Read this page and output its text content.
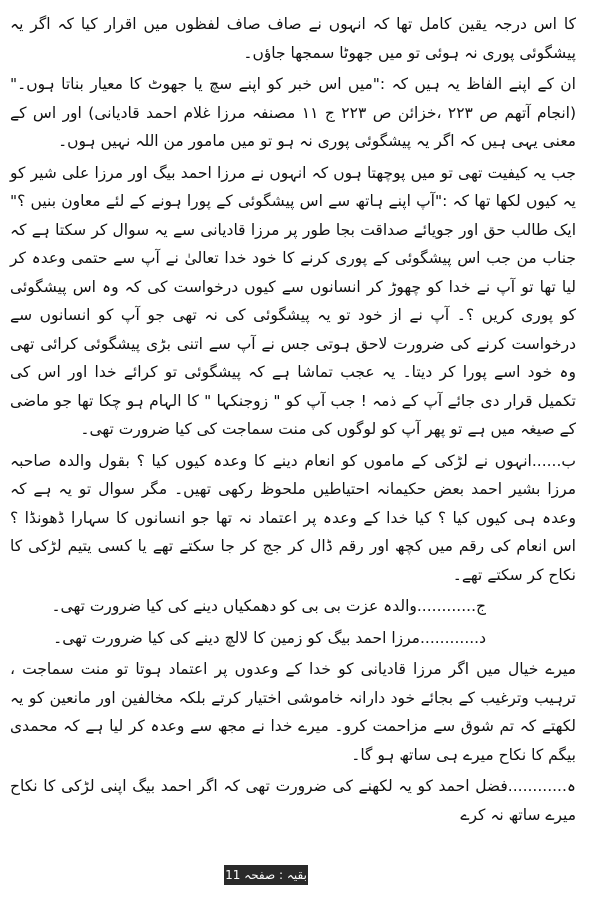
کا اس درجہ یقین کامل تھا کہ انہوں نے صاف صاف لفظوں میں اقرار کیا کہ اگر یہ پیشگوئی پوری نہ ہوئی تو میں جھوٹا سمجھا جاؤں۔

ان کے اپنے الفاظ یہ ہیں کہ :"میں اس خبر کو اپنے سچ یا جھوٹ کا معیار بناتا ہوں۔"(انجام آتھم ص ۲۲۳ ،خزائن ص ۲۲۳ ج ۱۱ مصنفہ مرزا غلام احمد قادیانی) اور اس کے معنی یہی ہیں کہ اگر یہ پیشگوئی پوری نہ ہو تو میں مامور من اللہ نہیں ہوں۔

جب یہ کیفیت تھی تو میں پوچھتا ہوں کہ انہوں نے مرزا احمد بیگ اور مرزا علی شیر کو یہ کیوں لکھا تھا کہ :"آپ اپنے ہاتھ سے اس پیشگوئی کے پورا ہونے کے لئے معاون بنیں ؟" ایک طالب حق اور جویائے صداقت بجا طور پر مرزا قادیانی سے یہ سوال کر سکتا ہے کہ جناب من جب اس پیشگوئی کے پوری کرنے کا خود خدا تعالیٰ نے آپ سے حتمی وعدہ کر لیا تھا تو آپ نے خدا کو چھوڑ کر انسانوں سے کیوں درخواست کی کہ وہ اس پیشگوئی کو پوری کریں ؟۔ آپ نے از خود تو یہ پیشگوئی کی نہ تھی جو آپ کو انسانوں سے درخواست کرنے کی ضرورت لاحق ہوتی جس نے آپ سے اتنی بڑی پیشگوئی کرائی تھی وہ خود اسے پورا کر دیتا۔ یہ عجب تماشا ہے کہ پیشگوئی تو کرائے خدا اور اس کی تکمیل قرار دی جائے آپ کے ذمہ ! جب آپ کو " زوجنکہا " کا الہام ہو چکا تھا جو ماضی کے صیغہ میں ہے تو پھر آپ کو لوگوں کی منت سماجت کی کیا ضرورت تھی۔

ب......انہوں نے لڑکی کے ماموں کو انعام دینے کا وعدہ کیوں کیا ؟ بقول والدہ صاحبہ مرزا بشیر احمد بعض حکیمانہ احتیاطیں ملحوظ رکھی تھیں۔ مگر سوال تو یہ ہے کہ وعدہ ہی کیوں کیا ؟ کیا خدا کے وعدہ پر اعتماد نہ تھا جو انسانوں کا سہارا ڈھونڈا ؟ اس انعام کی رقم میں کچھ اور رقم ڈال کر جج کر جا سکتے تھے یا کسی یتیم لڑکی کا نکاح کر سکتے تھے۔

ج............والدہ عزت بی بی کو دھمکیاں دینے کی کیا ضرورت تھی۔

د............مرزا احمد بیگ کو زمین کا لالچ دینے کی کیا ضرورت تھی۔

میرے خیال میں اگر مرزا قادیانی کو خدا کے وعدوں پر اعتماد ہوتا تو منت سماجت ، ترہیب وترغیب کے بجائے خود دارانہ خاموشی اختیار کرتے بلکہ مخالفین اور مانعین کو یہ لکھتے کہ تم شوق سے مزاحمت کرو۔ میرے خدا نے مجھ سے وعدہ کر لیا ہے کہ محمدی بیگم کا نکاح میرے ہی ساتھ ہو گا۔

ہ............فضل احمد کو یہ لکھنے کی ضرورت تھی کہ اگر احمد بیگ اپنی لڑکی کا نکاح میرے ساتھ نہ کرے

بقیہ : صفحہ 11 پر
